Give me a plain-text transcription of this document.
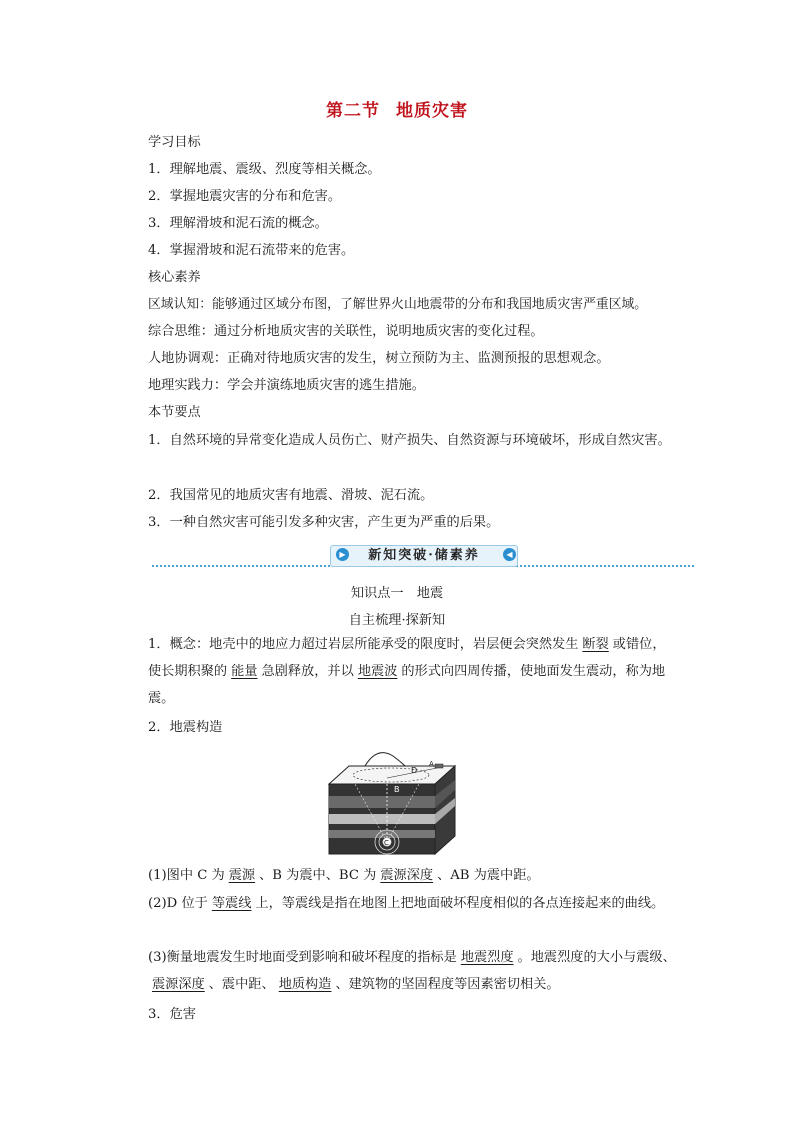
第二节 地质灾害
学习目标
1．理解地震、震级、烈度等相关概念。
2．掌握地震灾害的分布和危害。
3．理解滑坡和泥石流的概念。
4．掌握滑坡和泥石流带来的危害。
核心素养
区域认知：能够通过区域分布图，了解世界火山地震带的分布和我国地质灾害严重区域。
综合思维：通过分析地质灾害的关联性，说明地质灾害的变化过程。
人地协调观：正确对待地质灾害的发生，树立预防为主、监测预报的思想观念。
地理实践力：学会并演练地质灾害的逃生措施。
本节要点
1．自然环境的异常变化造成人员伤亡、财产损失、自然资源与环境破坏，形成自然灾害。
2．我国常见的地质灾害有地震、滑坡、泥石流。
3．一种自然灾害可能引发多种灾害，产生更为严重的后果。
新知突破·储素养
▶	◀
知识点一　地震
自主梳理·探新知
1．概念：地壳中的地应力超过岩层所能承受的限度时，岩层便会突然发生 断裂 或错位，使长期积聚的 能量 急剧释放，并以 地震波 的形式向四周传播，使地面发生震动，称为地震。
2．地震构造
B
D
A
C
(1)图中 C 为 震源 、B 为震中、BC 为 震源深度 、AB 为震中距。
(2)D 位于 等震线 上，等震线是指在地图上把地面破坏程度相似的各点连接起来的曲线。
(3)衡量地震发生时地面受到影响和破坏程度的指标是 地震烈度 。地震烈度的大小与震级、震源深度 、震中距、 地质构造 、建筑物的坚固程度等因素密切相关。
3．危害
